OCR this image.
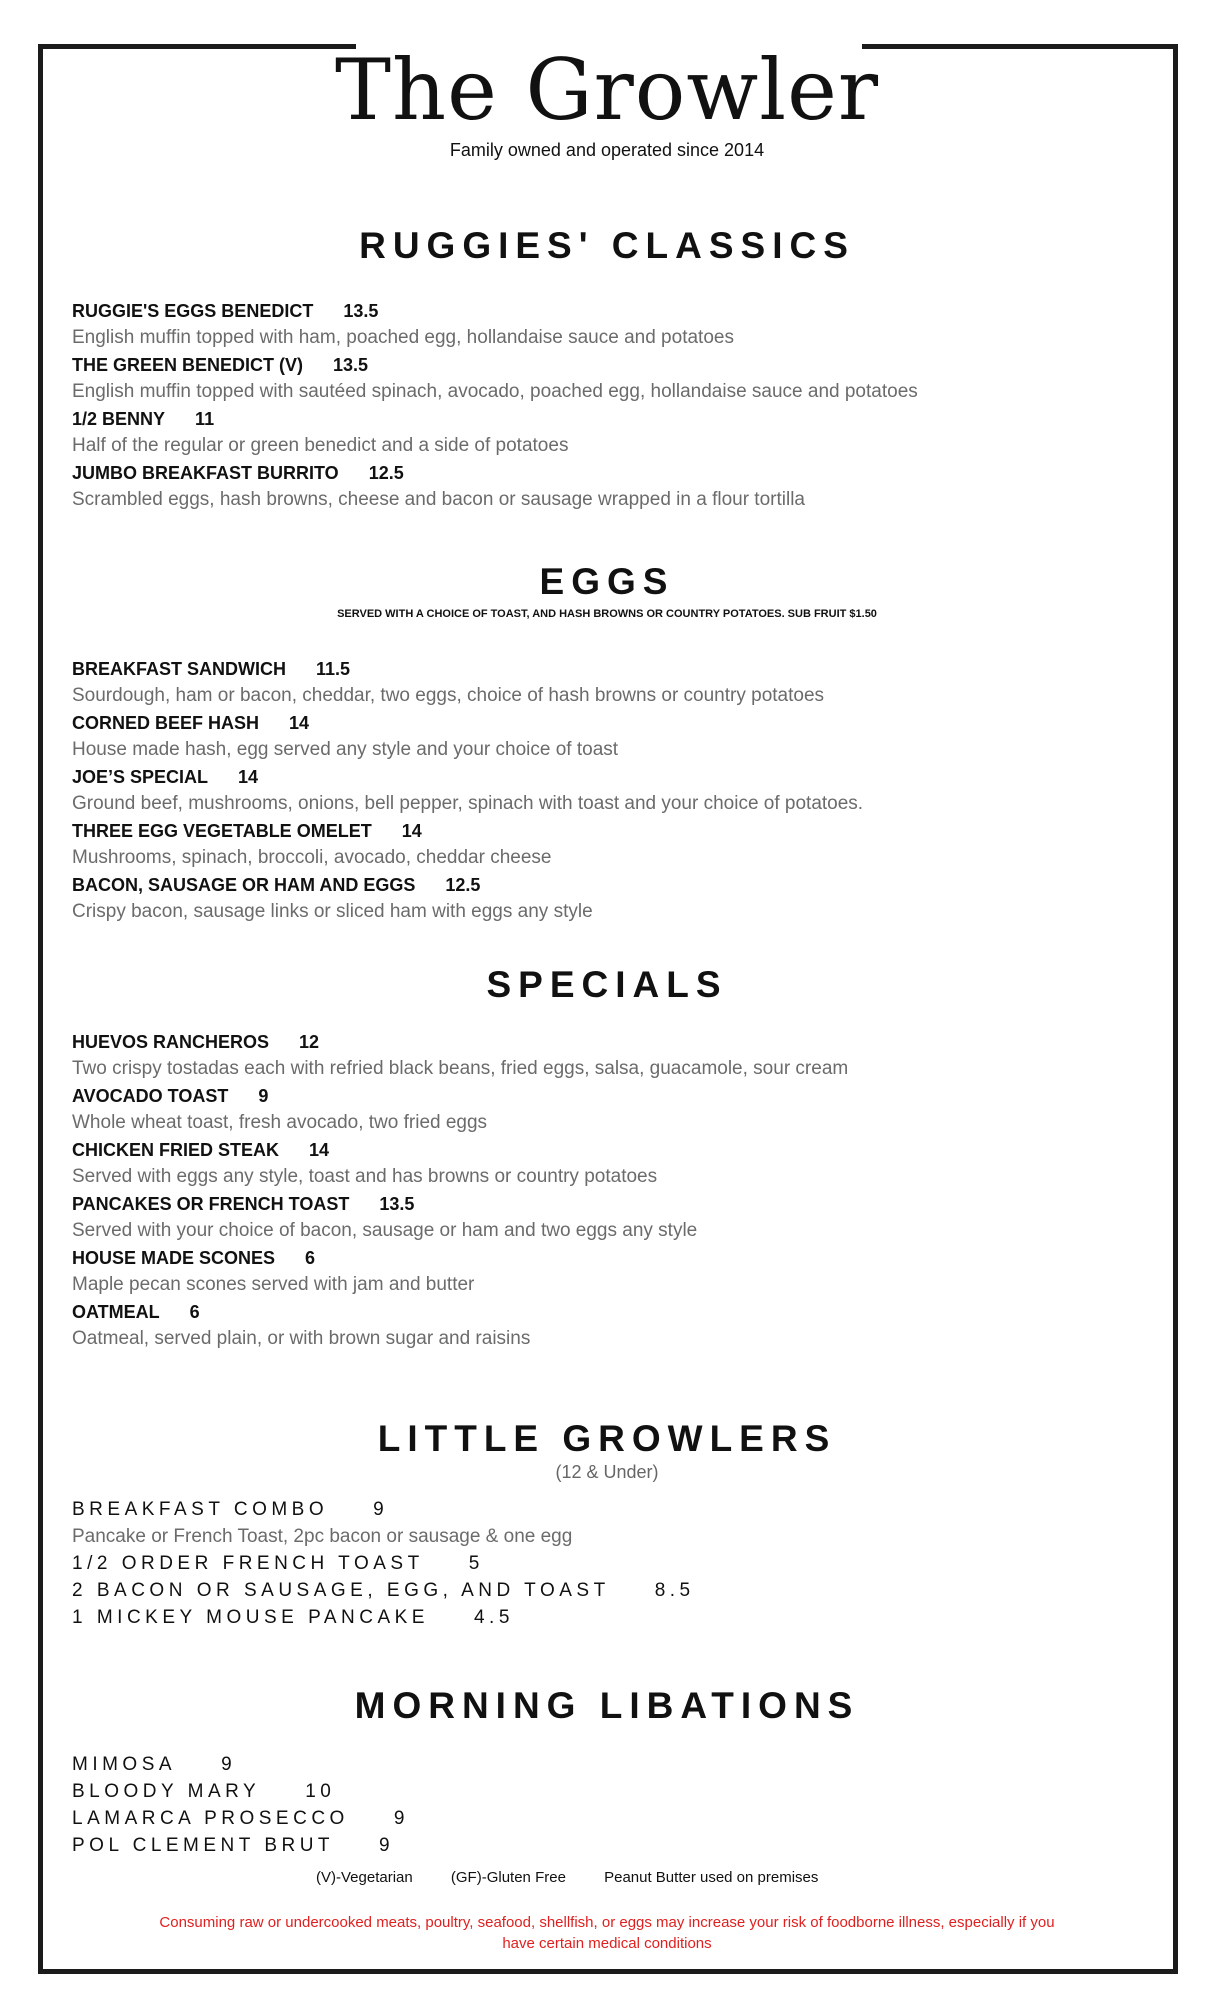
The Growler
Family owned and operated since 2014
RUGGIES' CLASSICS
RUGGIE'S EGGS BENEDICT 13.5
English muffin topped with ham, poached egg, hollandaise sauce and potatoes
THE GREEN BENEDICT (V) 13.5
English muffin topped with sautéed spinach, avocado, poached egg, hollandaise sauce and potatoes
1/2 BENNY 11
Half of the regular or green benedict and a side of potatoes
JUMBO BREAKFAST BURRITO 12.5
Scrambled eggs, hash browns, cheese and bacon or sausage wrapped in a flour tortilla
EGGS
SERVED WITH A CHOICE OF TOAST, AND HASH BROWNS OR COUNTRY POTATOES. SUB FRUIT $1.50
BREAKFAST SANDWICH 11.5
Sourdough, ham or bacon, cheddar, two eggs, choice of hash browns or country potatoes
CORNED BEEF HASH 14
House made hash, egg served any style and your choice of toast
JOE’S SPECIAL 14
Ground beef, mushrooms, onions, bell pepper, spinach with toast and your choice of potatoes.
THREE EGG VEGETABLE OMELET 14
Mushrooms, spinach, broccoli, avocado, cheddar cheese
BACON, SAUSAGE OR HAM AND EGGS 12.5
Crispy bacon, sausage links or sliced ham with eggs any style
SPECIALS
HUEVOS RANCHEROS 12
Two crispy tostadas each with refried black beans, fried eggs, salsa, guacamole, sour cream
AVOCADO TOAST 9
Whole wheat toast, fresh avocado, two fried eggs
CHICKEN FRIED STEAK 14
Served with eggs any style, toast and has browns or country potatoes
PANCAKES OR FRENCH TOAST 13.5
Served with your choice of bacon, sausage or ham and two eggs any style
HOUSE MADE SCONES 6
Maple pecan scones served with jam and butter
OATMEAL 6
Oatmeal, served plain, or with brown sugar and raisins
LITTLE GROWLERS
(12 & Under)
BREAKFAST COMBO 9
Pancake or French Toast, 2pc bacon or sausage & one egg
1/2 ORDER FRENCH TOAST 5
2 BACON OR SAUSAGE, EGG, AND TOAST 8.5
1 MICKEY MOUSE PANCAKE 4.5
MORNING LIBATIONS
MIMOSA 9
BLOODY MARY 10
LAMARCA PROSECCO 9
POL CLEMENT BRUT 9
(V)-Vegetarian	(GF)-Gluten Free	Peanut Butter used on premises
Consuming raw or undercooked meats, poultry, seafood, shellfish, or eggs may increase your risk of foodborne illness, especially if you have certain medical conditions
